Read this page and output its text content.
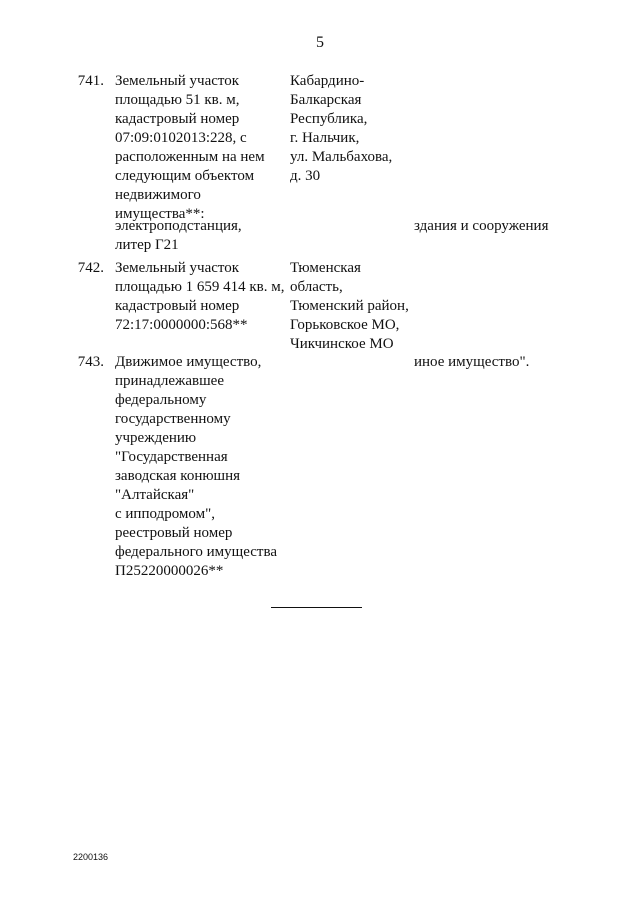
5
741. Земельный участок
площадью 51 кв. м,
кадастровый номер
07:09:0102013:228, с
расположенным на нем
следующим объектом
недвижимого
имущества**:
Кабардино-
Балкарская
Республика,
г. Нальчик,
ул. Мальбахова,
д. 30
электроподстанция,
литер Г21
здания и сооружения
742. Земельный участок
площадью 1 659 414 кв. м,
кадастровый номер
72:17:0000000:568**
Тюменская
область,
Тюменский район,
Горьковское МО,
Чикчинское МО
743. Движимое имущество,
принадлежавшее
федеральному
государственному
учреждению
"Государственная
заводская конюшня
"Алтайская"
с ипподромом",
реестровый номер
федерального имущества
П25220000026**
иное имущество".
2200136
